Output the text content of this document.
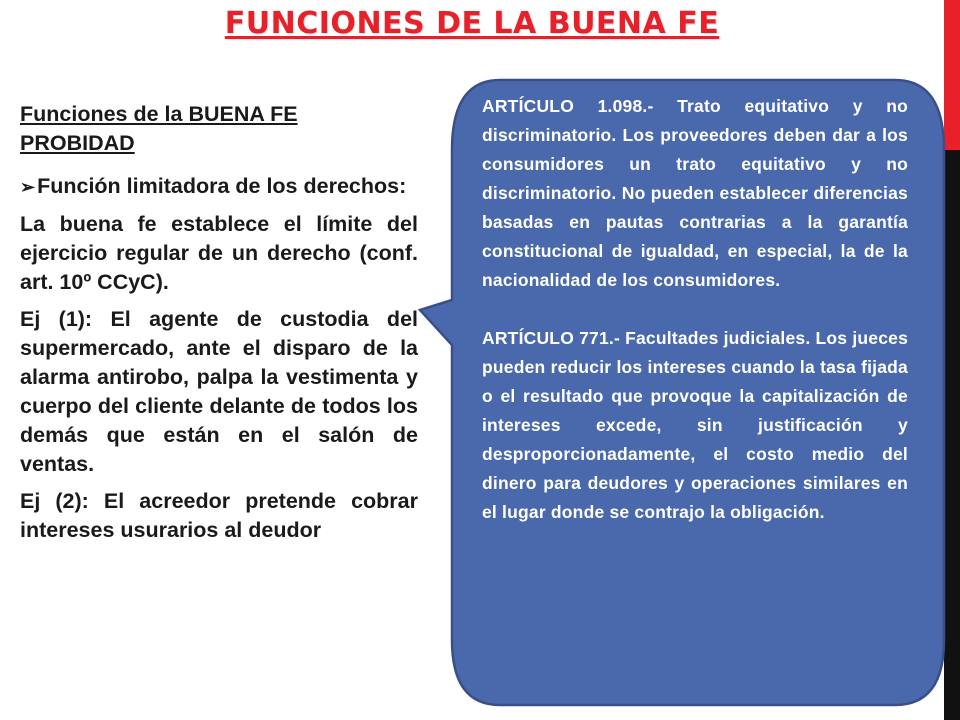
FUNCIONES DE LA BUENA FE

Funciones de la BUENA FE PROBIDAD

➢Función limitadora de los derechos:

La buena fe establece el límite del ejercicio regular de un derecho (conf. art. 10º CCyC).

Ej (1): El agente de custodia del supermercado, ante el disparo de la alarma antirobo, palpa la vestimenta y cuerpo del cliente delante de todos los demás que están en el salón de ventas.

Ej (2): El acreedor pretende cobrar intereses usurarios al deudor

ARTÍCULO 1.098.- Trato equitativo y no discriminatorio. Los proveedores deben dar a los consumidores un trato equitativo y no discriminatorio. No pueden establecer diferencias basadas en pautas contrarias a la garantía constitucional de igualdad, en especial, la de la nacionalidad de los consumidores.

ARTÍCULO 771.- Facultades judiciales. Los jueces pueden reducir los intereses cuando la tasa fijada o el resultado que provoque la capitalización de intereses excede, sin justificación y desproporcionadamente, el costo medio del dinero para deudores y operaciones similares en el lugar donde se contrajo la obligación.
